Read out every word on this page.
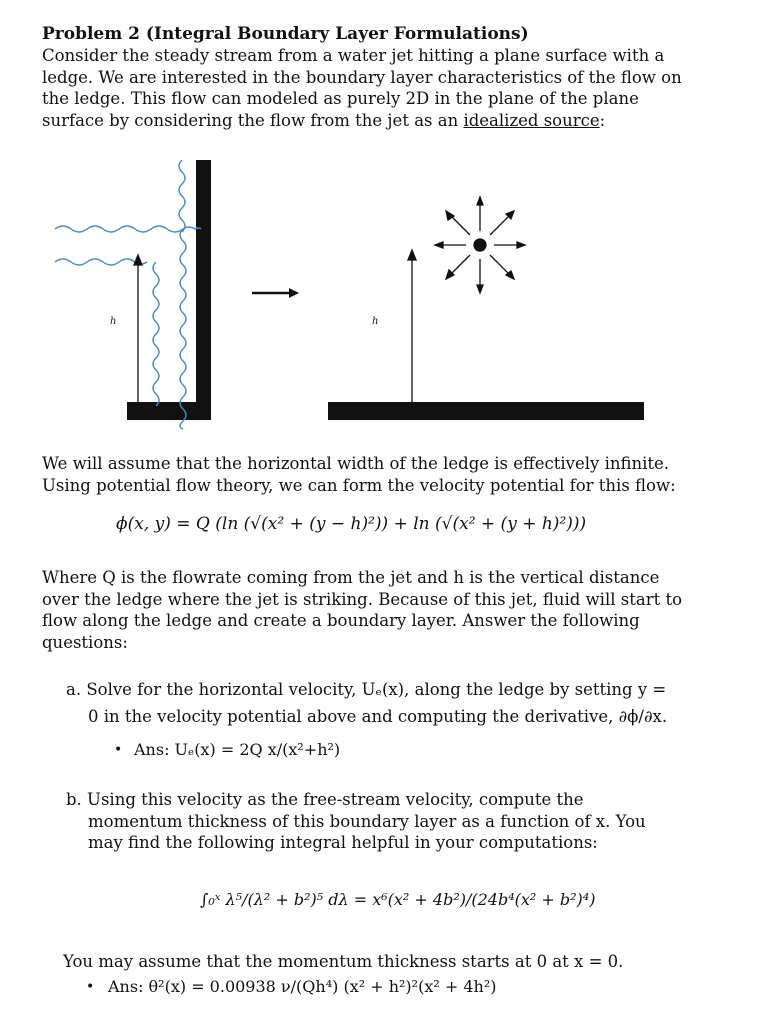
Problem 2 (Integral Boundary Layer Formulations)
Consider the steady stream from a water jet hitting a plane surface with a
ledge. We are interested in the boundary layer characteristics of the flow on
the ledge. This flow can modeled as purely 2D in the plane of the plane
surface by considering the flow from the jet as an idealized source:
h	h
We will assume that the horizontal width of the ledge is effectively infinite.
Using potential flow theory, we can form the velocity potential for this flow:
ϕ(x, y) = Q (ln (√(x² + (y − h)²)) + ln (√(x² + (y + h)²)))
Where Q is the flowrate coming from the jet and h is the vertical distance
over the ledge where the jet is striking. Because of this jet, fluid will start to
flow along the ledge and create a boundary layer. Answer the following
questions:
a. Solve for the horizontal velocity, Uₑ(x), along the ledge by setting y =
0 in the velocity potential above and computing the derivative, ∂ϕ/∂x.
• Ans: Uₑ(x) = 2Q x/(x²+h²)
b. Using this velocity as the free-stream velocity, compute the
momentum thickness of this boundary layer as a function of x. You
may find the following integral helpful in your computations:
∫₀ˣ λ⁵/(λ² + b²)⁵ dλ = x⁶(x² + 4b²)/(24b⁴(x² + b²)⁴)
You may assume that the momentum thickness starts at 0 at x = 0.
• Ans: θ²(x) = 0.00938 ν/(Qh⁴) (x² + h²)²(x² + 4h²)
